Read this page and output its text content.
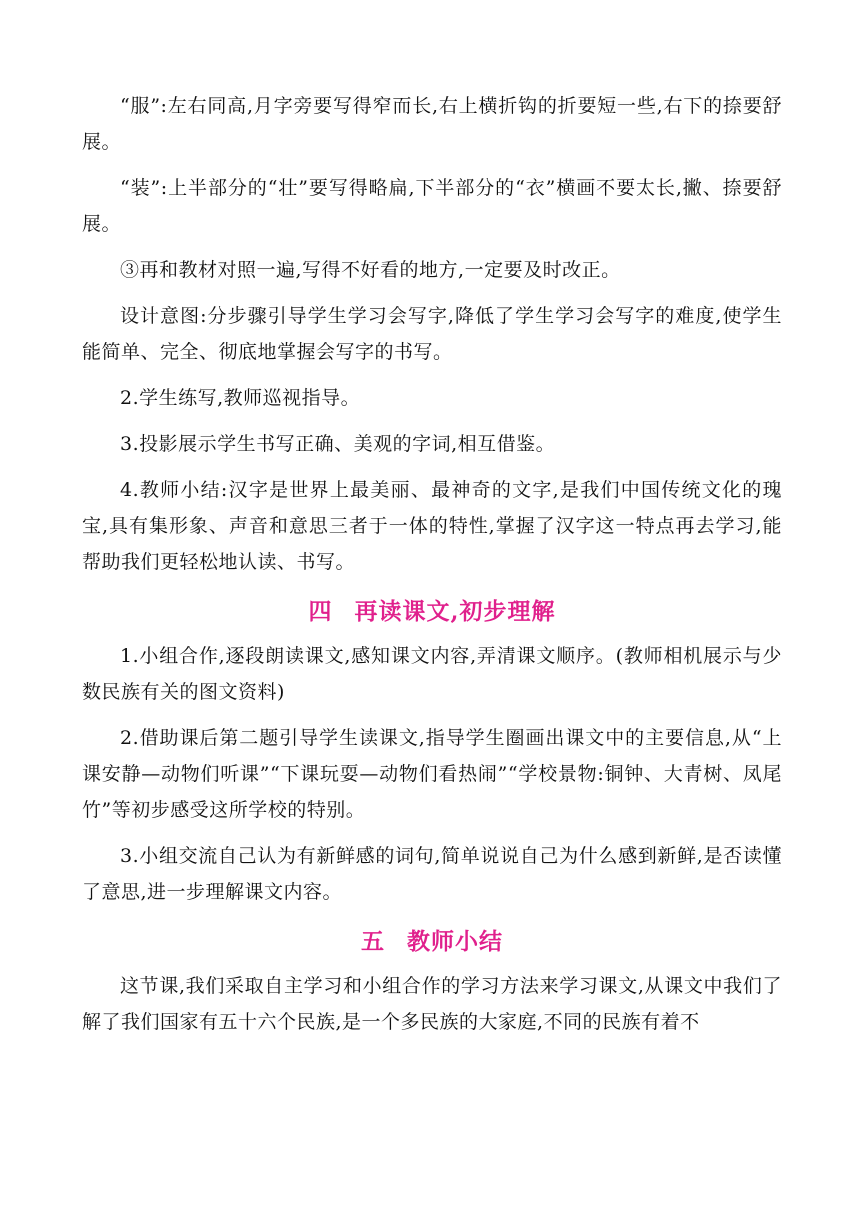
“服”:左右同高,月字旁要写得窄而长,右上横折钩的折要短一些,右下的捺要舒展。

“装”:上半部分的“壮”要写得略扁,下半部分的“衣”横画不要太长,撇、捺要舒展。

③再和教材对照一遍,写得不好看的地方,一定要及时改正。

设计意图:分步骤引导学生学习会写字,降低了学生学习会写字的难度,使学生能简单、完全、彻底地掌握会写字的书写。

2.学生练写,教师巡视指导。

3.投影展示学生书写正确、美观的字词,相互借鉴。

4.教师小结:汉字是世界上最美丽、最神奇的文字,是我们中国传统文化的瑰宝,具有集形象、声音和意思三者于一体的特性,掌握了汉字这一特点再去学习,能帮助我们更轻松地认读、书写。

四 再读课文,初步理解

1.小组合作,逐段朗读课文,感知课文内容,弄清课文顺序。(教师相机展示与少数民族有关的图文资料)

2.借助课后第二题引导学生读课文,指导学生圈画出课文中的主要信息,从“上课安静—动物们听课”“下课玩耍—动物们看热闹”“学校景物:铜钟、大青树、凤尾竹”等初步感受这所学校的特别。

3.小组交流自己认为有新鲜感的词句,简单说说自己为什么感到新鲜,是否读懂了意思,进一步理解课文内容。

五 教师小结

这节课,我们采取自主学习和小组合作的学习方法来学习课文,从课文中我们了解了我们国家有五十六个民族,是一个多民族的大家庭,不同的民族有着不
